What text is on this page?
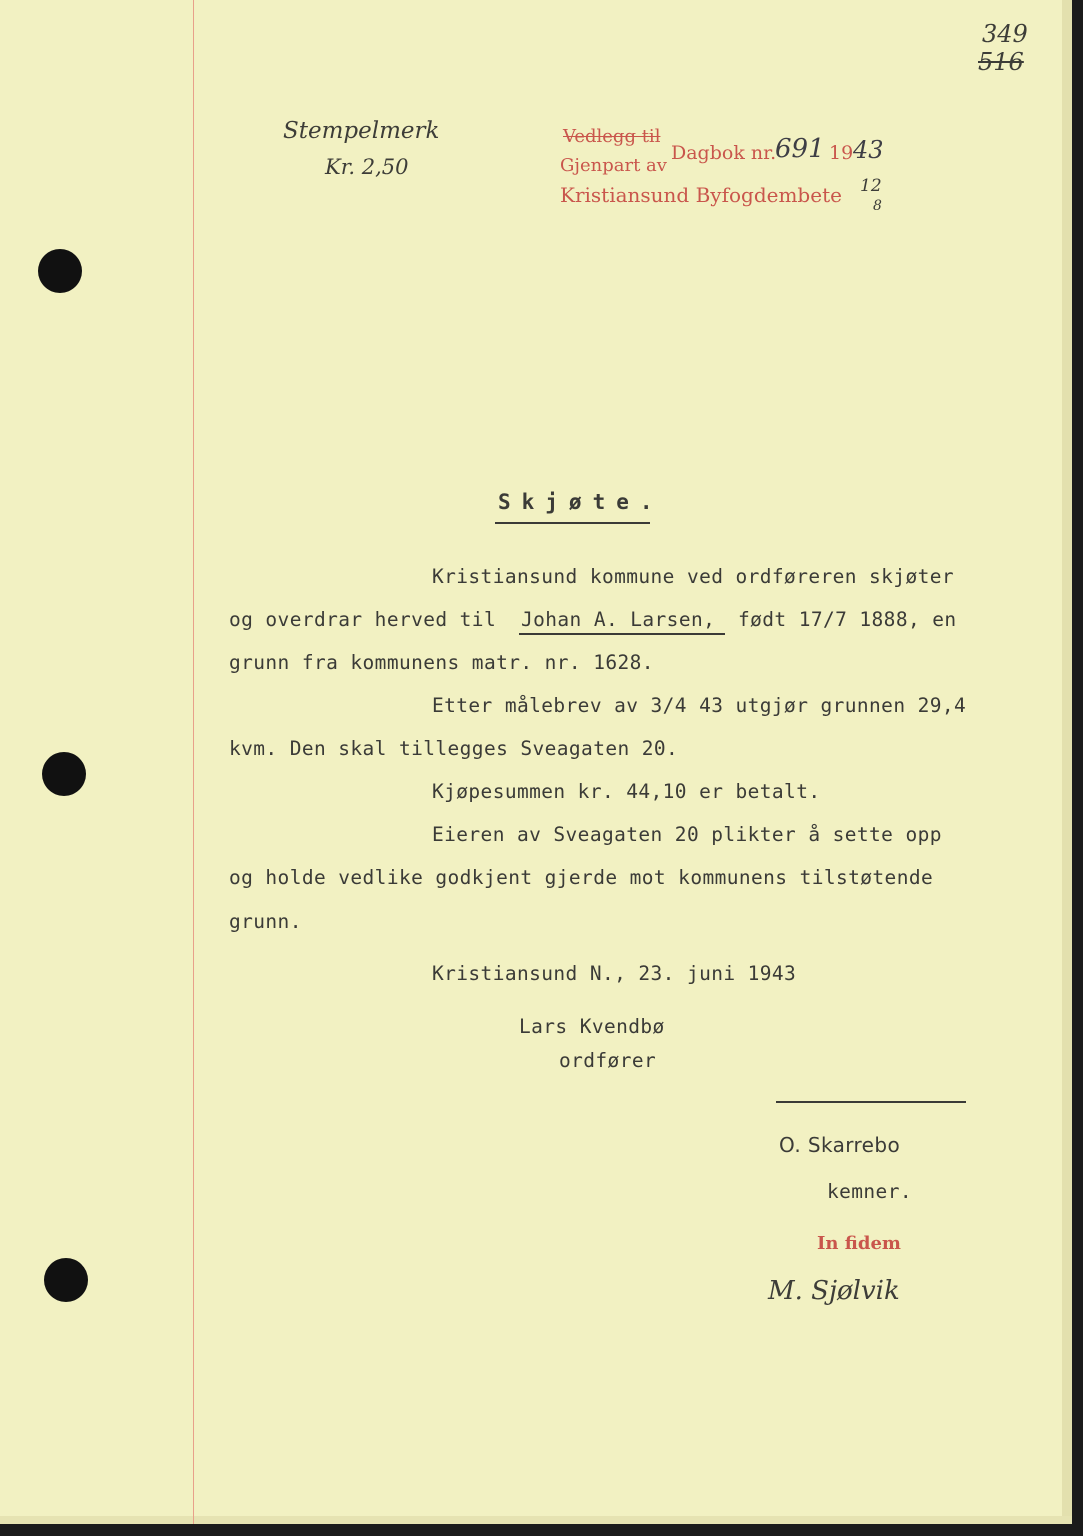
349
516
Stempelmerk
Kr. 2,50
Vedlegg til
Gjenpart av
Dagbok nr.
691 19 43
Kristiansund Byfogdembete 12
8
Skjøte.
Kristiansund kommune ved ordføreren skjøter
og overdrar herved til Johan A. Larsen, født 17/7 1888, en
grunn fra kommunens matr. nr. 1628.
Etter målebrev av 3/4 43 utgjør grunnen 29,4
kvm. Den skal tillegges Sveagaten 20.
Kjøpesummen kr. 44,10 er betalt.
Eieren av Sveagaten 20 plikter å sette opp
og holde vedlike godkjent gjerde mot kommunens tilstøtende
grunn.
Kristiansund N., 23. juni 1943
Lars Kvendbø
ordfører
O. Skarrebo
kemner.
In fidem
M. Sjølvik
